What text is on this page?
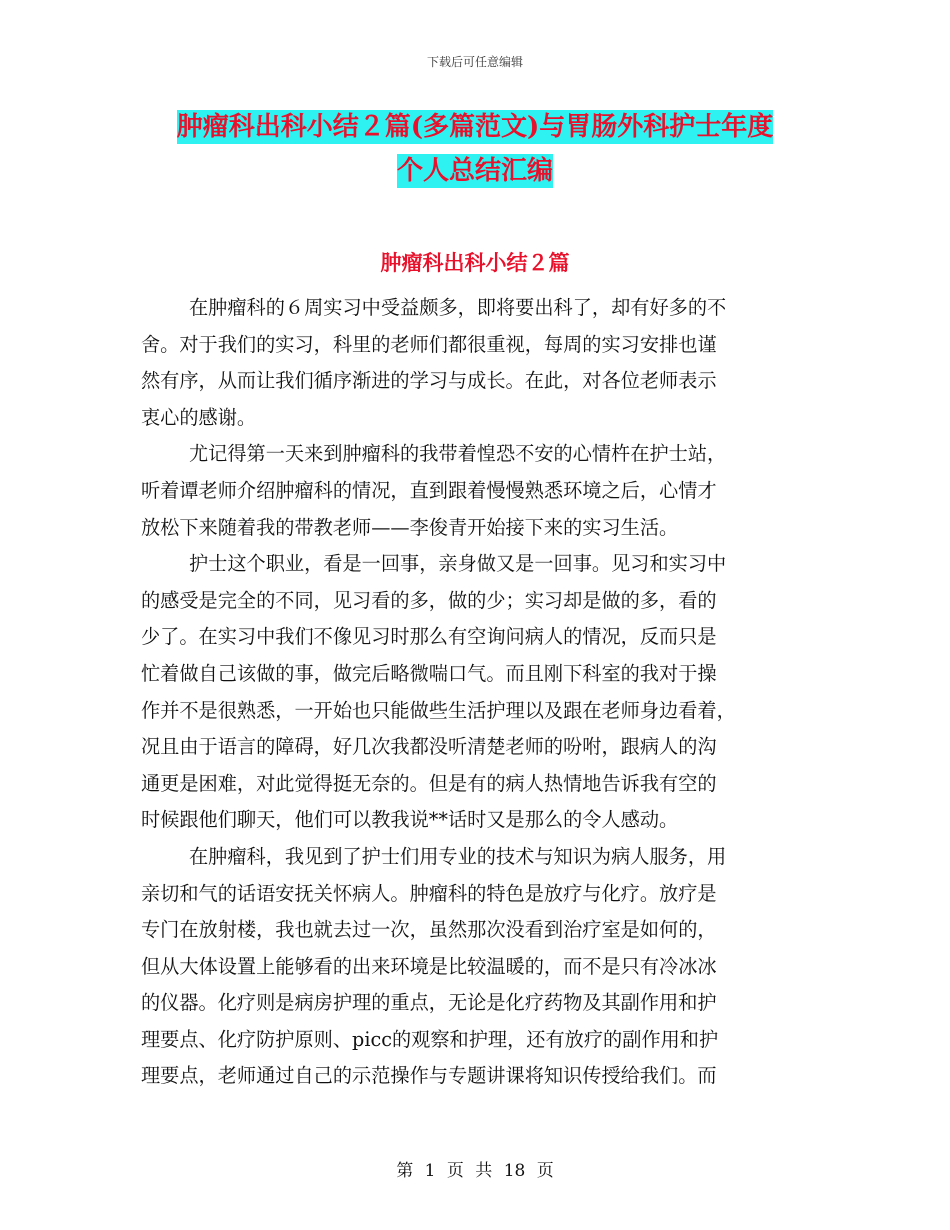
下载后可任意编辑
肿瘤科出科小结２篇(多篇范文)与胃肠外科护士年度
个人总结汇编
肿瘤科出科小结２篇
在肿瘤科的６周实习中受益颇多，即将要出科了，却有好多的不
舍。对于我们的实习，科里的老师们都很重视，每周的实习安排也谨
然有序，从而让我们循序渐进的学习与成长。在此，对各位老师表示
衷心的感谢。
尤记得第一天来到肿瘤科的我带着惶恐不安的心情杵在护士站，
听着谭老师介绍肿瘤科的情况，直到跟着慢慢熟悉环境之后，心情才
放松下来随着我的带教老师——李俊青开始接下来的实习生活。
护士这个职业，看是一回事，亲身做又是一回事。见习和实习中
的感受是完全的不同，见习看的多，做的少；实习却是做的多，看的
少了。在实习中我们不像见习时那么有空询问病人的情况，反而只是
忙着做自己该做的事，做完后略微喘口气。而且刚下科室的我对于操
作并不是很熟悉，一开始也只能做些生活护理以及跟在老师身边看着，
况且由于语言的障碍，好几次我都没听清楚老师的吩咐，跟病人的沟
通更是困难，对此觉得挺无奈的。但是有的病人热情地告诉我有空的
时候跟他们聊天，他们可以教我说**话时又是那么的令人感动。
在肿瘤科，我见到了护士们用专业的技术与知识为病人服务，用
亲切和气的话语安抚关怀病人。肿瘤科的特色是放疗与化疗。放疗是
专门在放射楼，我也就去过一次，虽然那次没看到治疗室是如何的，
但从大体设置上能够看的出来环境是比较温暖的，而不是只有冷冰冰
的仪器。化疗则是病房护理的重点，无论是化疗药物及其副作用和护
理要点、化疗防护原则、picc的观察和护理，还有放疗的副作用和护
理要点，老师通过自己的示范操作与专题讲课将知识传授给我们。而
第 1 页 共 18 页
